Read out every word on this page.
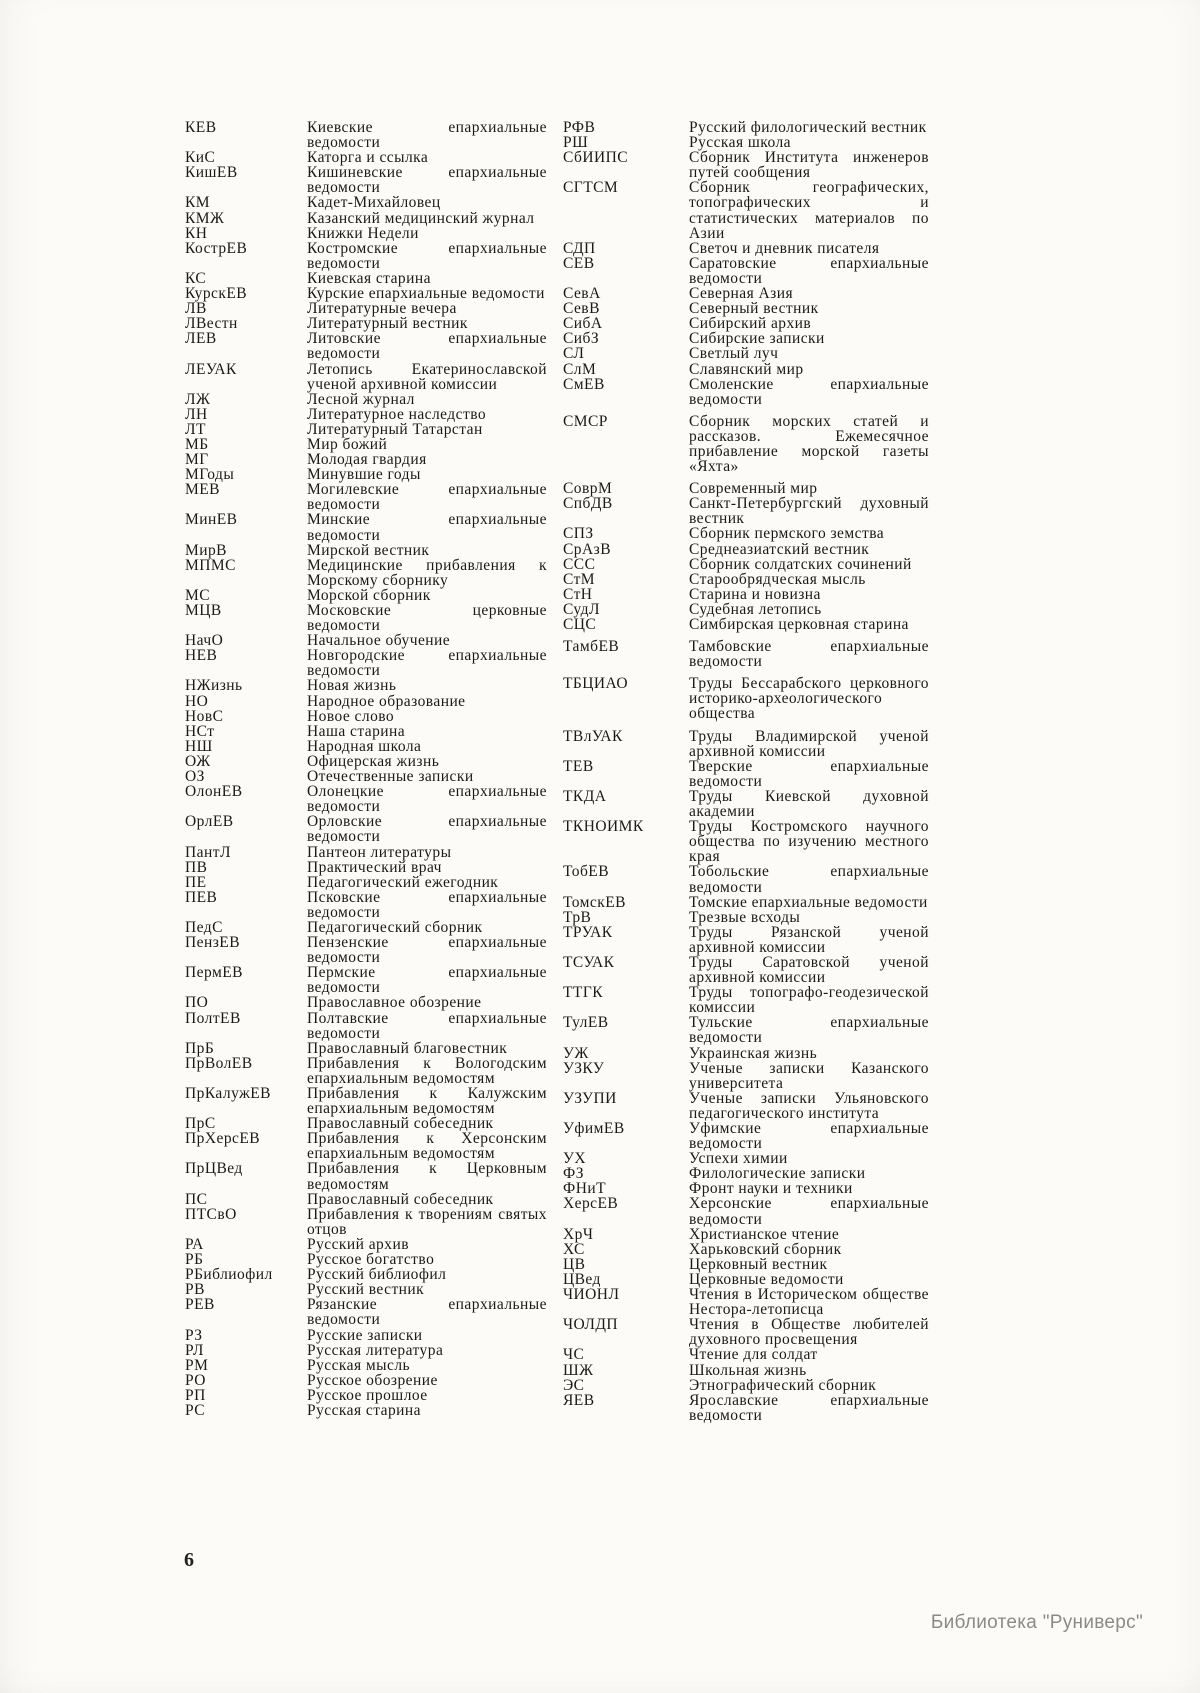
КЕВ	Киевские епархиальные ведомости
КиС	Каторга и ссылка
КишЕВ	Кишиневские епархиальные ведомости
КМ	Кадет-Михайловец
КМЖ	Казанский медицинский журнал
КН	Книжки Недели
КострЕВ	Костромские епархиальные ведомости
КС	Киевская старина
КурскЕВ	Курские епархиальные ведомости
ЛВ	Литературные вечера
ЛВестн	Литературный вестник
ЛЕВ	Литовские епархиальные ведомости
ЛЕУАК	Летопись Екатеринославской ученой архивной комиссии
ЛЖ	Лесной журнал
ЛН	Литературное наследство
ЛТ	Литературный Татарстан
МБ	Мир божий
МГ	Молодая гвардия
МГоды	Минувшие годы
МЕВ	Могилевские епархиальные ведомости
МинЕВ	Минские епархиальные ведомости
МирВ	Мирской вестник
МПМС	Медицинские прибавления к Морскому сборнику
МС	Морской сборник
МЦВ	Московские церковные ведомости
НачО	Начальное обучение
НЕВ	Новгородские епархиальные ведомости
НЖизнь	Новая жизнь
НО	Народное образование
НовС	Новое слово
НСт	Наша старина
НШ	Народная школа
ОЖ	Офицерская жизнь
ОЗ	Отечественные записки
ОлонЕВ	Олонецкие епархиальные ведомости
ОрлЕВ	Орловские епархиальные ведомости
ПантЛ	Пантеон литературы
ПВ	Практический врач
ПЕ	Педагогический ежегодник
ПЕВ	Псковские епархиальные ведомости
ПедС	Педагогический сборник
ПензЕВ	Пензенские епархиальные ведомости
ПермЕВ	Пермские епархиальные ведомости
ПО	Православное обозрение
ПолтЕВ	Полтавские епархиальные ведомости
ПрБ	Православный благовестник
ПрВолЕВ	Прибавления к Вологодским епархиальным ведомостям
ПрКалужЕВ	Прибавления к Калужским епархиальным ведомостям
ПрС	Православный собеседник
ПрХерсЕВ	Прибавления к Херсонским епархиальным ведомостям
ПрЦВед	Прибавления к Церковным ведомостям
ПС	Православный собеседник
ПТСвО	Прибавления к творениям святых отцов
РА	Русский архив
РБ	Русское богатство
РБиблиофил	Русский библиофил
РВ	Русский вестник
РЕВ	Рязанские епархиальные ведомости
РЗ	Русские записки
РЛ	Русская литература
РМ	Русская мысль
РО	Русское обозрение
РП	Русское прошлое
РС	Русская старина
РФВ	Русский филологический вестник
РШ	Русская школа
СбИИПС	Сборник Института инженеров путей сообщения
СГТСМ	Сборник географических, топографических и статистических материалов по Азии
СДП	Светоч и дневник писателя
СЕВ	Саратовские епархиальные ведомости
СевА	Северная Азия
СевВ	Северный вестник
СибА	Сибирский архив
СибЗ	Сибирские записки
СЛ	Светлый луч
СлМ	Славянский мир
СмЕВ	Смоленские епархиальные ведомости
СМСР	Сборник морских статей и рассказов. Ежемесячное прибавление морской газеты «Яхта»
СоврМ	Современный мир
СпбДВ	Санкт-Петербургский духовный вестник
СПЗ	Сборник пермского земства
СрАзВ	Среднеазиатский вестник
ССС	Сборник солдатских сочинений
СтМ	Старообрядческая мысль
СтН	Старина и новизна
СудЛ	Судебная летопись
СЦС	Симбирская церковная старина
ТамбЕВ	Тамбовские епархиальные ведомости
ТБЦИАО	Труды Бессарабского церковного историко-археологического общества
ТВлУАК	Труды Владимирской ученой архивной комиссии
ТЕВ	Тверские епархиальные ведомости
ТКДА	Труды Киевской духовной академии
ТКНОИМК	Труды Костромского научного общества по изучению местного края
ТобЕВ	Тобольские епархиальные ведомости
ТомскЕВ	Томские епархиальные ведомости
ТрВ	Трезвые всходы
ТРУАК	Труды Рязанской ученой архивной комиссии
ТСУАК	Труды Саратовской ученой архивной комиссии
ТТГК	Труды топографо-геодезической комиссии
ТулЕВ	Тульские епархиальные ведомости
УЖ	Украинская жизнь
УЗКУ	Ученые записки Казанского университета
УЗУПИ	Ученые записки Ульяновского педагогического института
УфимЕВ	Уфимские епархиальные ведомости
УХ	Успехи химии
ФЗ	Филологические записки
ФНиТ	Фронт науки и техники
ХерсЕВ	Херсонские епархиальные ведомости
ХрЧ	Христианское чтение
ХС	Харьковский сборник
ЦВ	Церковный вестник
ЦВед	Церковные ведомости
ЧИОНЛ	Чтения в Историческом обществе Нестора-летописца
ЧОЛДП	Чтения в Обществе любителей духовного просвещения
ЧС	Чтение для солдат
ШЖ	Школьная жизнь
ЭС	Этнографический сборник
ЯЕВ	Ярославские епархиальные ведомости
6
Библиотека "Руниверс"
